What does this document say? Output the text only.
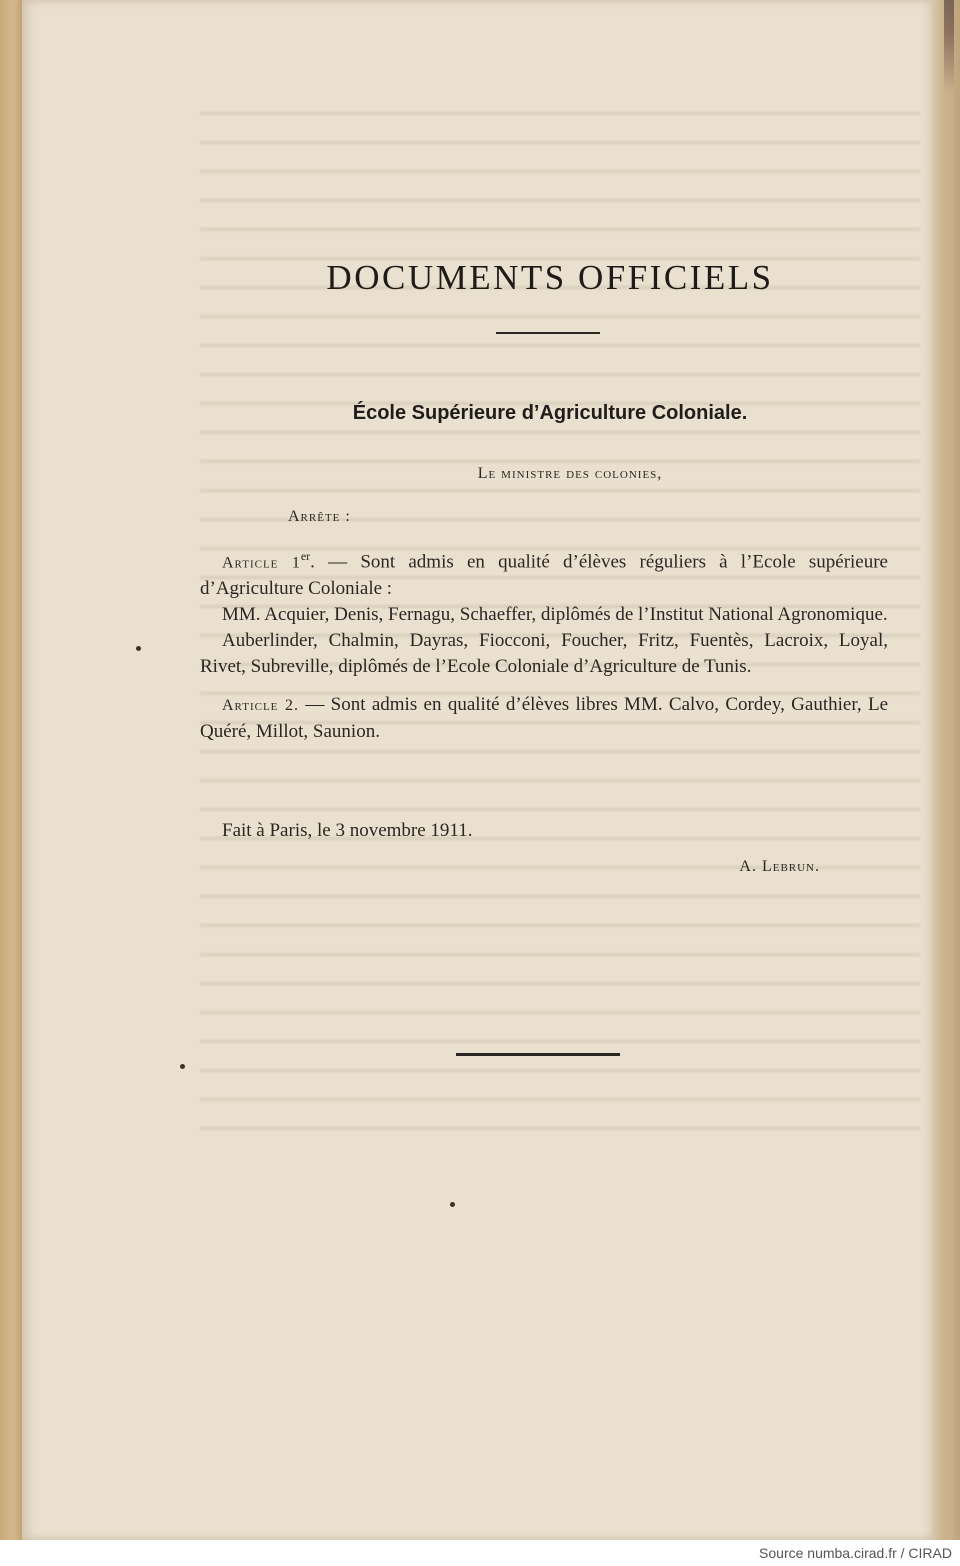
DOCUMENTS OFFICIELS
École Supérieure d’Agriculture Coloniale.
Le ministre des colonies,
Arrête :

Article 1er. — Sont admis en qualité d’élèves réguliers à l’Ecole supérieure d’Agriculture Coloniale :

MM. Acquier, Denis, Fernagu, Schaeffer, diplômés de l’Institut National Agronomique.

Auberlinder, Chalmin, Dayras, Fiocconi, Foucher, Fritz, Fuentès, Lacroix, Loyal, Rivet, Subreville, diplômés de l’Ecole Coloniale d’Agriculture de Tunis.

Article 2. — Sont admis en qualité d’élèves libres MM. Calvo, Cordey, Gauthier, Le Quéré, Millot, Saunion.

Fait à Paris, le 3 novembre 1911.
A. Lebrun.
Source numba.cirad.fr / CIRAD
